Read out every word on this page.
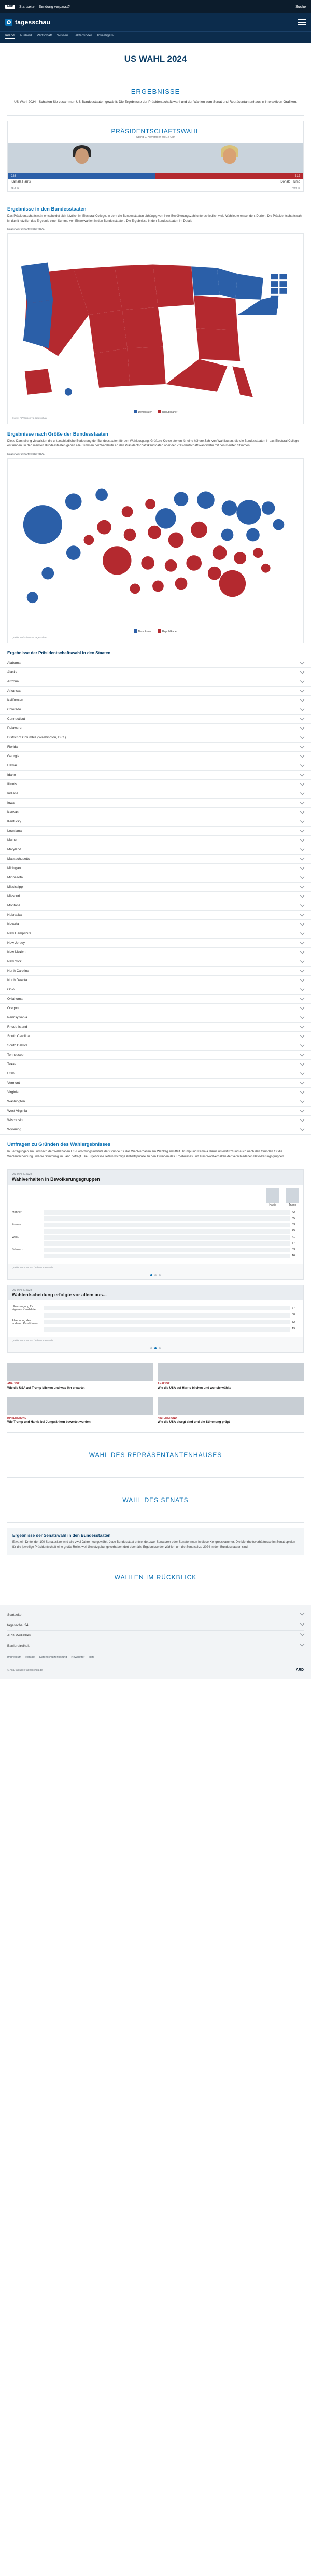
ARD	Startseite Sendung verpasst?	Suche
tagesschau
Inland Ausland Wirtschaft Wissen Faktenfinder Investigativ
US WAHL 2024
ERGEBNISSE
US-Wahl 2024 - Schalten Sie zusammen US-Bundesstaaten gewählt: Die Ergebnisse der Präsidentschaftswahl und der Wahlen zum Senat und Repräsentantenhaus in interaktiven Grafiken.
PRÄSIDENTSCHAFTSWAHL
Stand 9. November, 08:14 Uhr
226
Kamala Harris
48,3 %
312
Donald Trump
49,9 %
Ergebnisse in den Bundesstaaten
Das Präsidentschaftswahl entscheidet sich letztlich im Electoral College, in dem die Bundesstaaten abhängig von ihrer Bevölkerungszahl unterschiedlich viele Wahlleute entsenden. Durfen. Die Präsidentschaftswahl ist damit letztlich das Ergebnis einer Summe von Einzelwahlen in den Bundesstaaten. Die Ergebnisse in den Bundesstaaten im Detail:
Präsidentschaftswahl 2024
Demokraten	Republikaner
Quelle: AP/Edison via tagesschau
Ergebnisse nach Größe der Bundesstaaten
Diese Darstellung visualisiert die unterschiedliche Bedeutung der Bundesstaaten für den Wahlausgang. Größere Kreise stehen für eine höhere Zahl von Wahlleuten, die die Bundesstaaten in das Electoral College entsenden. In den meisten Bundesstaaten gehen alle Stimmen der Wahlleute an den Präsidentschaftskandidaten oder der Präsidentschaftskandidatin mit den meisten Stimmen.
Präsidentschaftswahl 2024
Demokraten	Republikaner
Quelle: AP/Edison via tagesschau
Ergebnisse der Präsidentschaftswahl in den Staaten
Alabama
Alaska
Arizona
Arkansas
Kalifornien
Colorado
Connecticut
Delaware
District of Columbia (Washington, D.C.)
Florida
Georgia
Hawaii
Idaho
Illinois
Indiana
Iowa
Kansas
Kentucky
Louisiana
Maine
Maryland
Massachusetts
Michigan
Minnesota
Mississippi
Missouri
Montana
Nebraska
Nevada
New Hampshire
New Jersey
New Mexico
New York
North Carolina
North Dakota
Ohio
Oklahoma
Oregon
Pennsylvania
Rhode Island
South Carolina
South Dakota
Tennessee
Texas
Utah
Vermont
Virginia
Washington
West Virginia
Wisconsin
Wyoming
Umfragen zu Gründen des Wahlergebnisses
In Befragungen am und nach der Wahl haben US-Forschungsinstitute der Gründe für das Wahlverhalten am Wahltag ermittelt. Trump und Kamala Harris unterstützt und auch nach den Gründen für die Wahlentscheidung und die Stimmung im Land gefragt. Die Ergebnisse liefern wichtige Anhaltspunkte zu den Gründen des Ergebnisses und zum Wahlverhalten der verschiedenen Bevölkerungsgruppen.
US-WAHL 2024
Wahlverhalten in Bevölkerungsgruppen
Harris	Trump
Männer	42
55
Frauen	53
45
Weiß	41
57
Schwarz	83
16
Quelle: AP VoteCast / Edison Research
US-WAHL 2024
Wahlentscheidung erfolgte vor allem aus...
Überzeugung für eigenen Kandidaten	67
80
Ablehnung des anderen Kandidaten	32
19
Quelle: AP VoteCast / Edison Research
ANALYSE
Wie die USA auf Trump blicken und was ihn erwartet
ANALYSE
Wie die USA auf Harris blicken und wer sie wählte
HINTERGRUND
Wie Trump und Harris bei Jungwählern bewertet wurden
HINTERGRUND
Wie die USA bisegt sind und die Stimmung prägt
WAHL DES REPRÄSENTANTENHAUSES
WAHL DES SENATS
Ergebnisse der Senatswahl in den Bundesstaaten

Etwa ein Drittel der 100 Senatssitze wird alle zwei Jahre neu gewählt. Jede Bundesstaat entsendet zwei Senatoren oder Senatorinnen in diese Kongresskammer. Die Mehrheitsverhältnisse im Senat spielen für die jeweilige Präsidentschaft eine große Rolle, weil Gesetzgebungsvorhaben dort ebenfalls Ergebnisse der Wahlen um die Senatssitze 2024 in den Bundesstaaten sind.

WAHLEN IM RÜCKBLICK
Startseite
tagesschau24
ARD Mediathek
Barrierefreiheit
Impressum Kontakt Datenschutzerklärung Newsletter Hilfe
© ARD-aktuell / tagesschau.de	ARD
